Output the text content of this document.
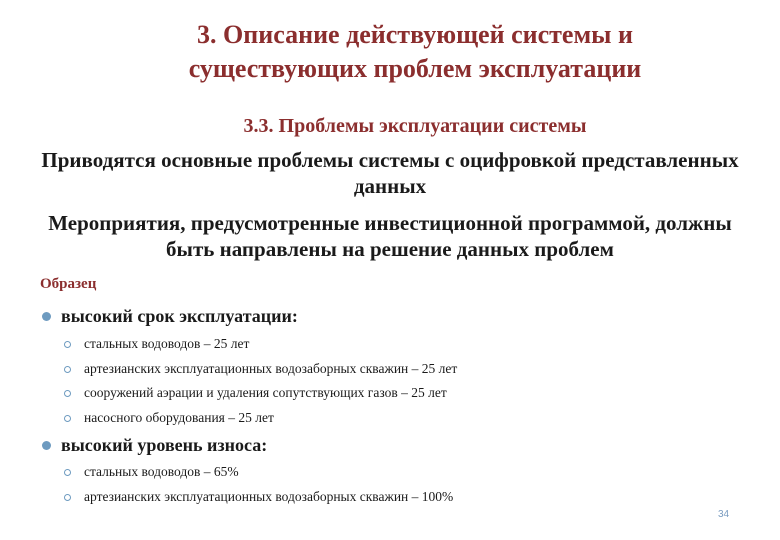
3. Описание действующей системы и
существующих проблем эксплуатации
3.3. Проблемы эксплуатации системы
Приводятся основные проблемы системы с оцифровкой представленных данных
Мероприятия, предусмотренные инвестиционной программой, должны быть направлены на решение данных проблем
Образец
высокий срок эксплуатации:
стальных водоводов – 25 лет
артезианских эксплуатационных водозаборных скважин – 25 лет
сооружений аэрации и удаления сопутствующих газов – 25 лет
насосного оборудования – 25 лет
высокий уровень износа:
стальных водоводов – 65%
артезианских эксплуатационных водозаборных скважин – 100%
34
